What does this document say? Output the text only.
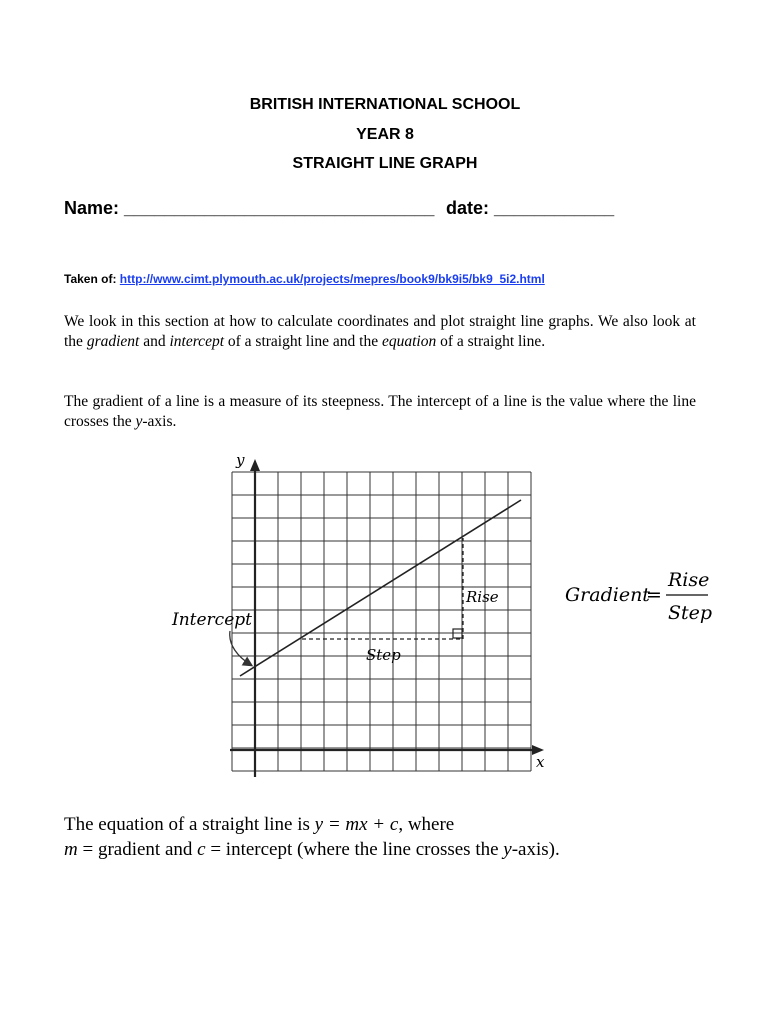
BRITISH INTERNATIONAL SCHOOL
YEAR 8
STRAIGHT LINE GRAPH
Name: _______________________________ date: ____________
Taken of: http://www.cimt.plymouth.ac.uk/projects/mepres/book9/bk9i5/bk9_5i2.html
We look in this section at how to calculate coordinates and plot straight line graphs. We also look at the gradient and intercept of a straight line and the equation of a straight line.
The gradient of a line is a measure of its steepness. The intercept of a line is the value where the line crosses the y-axis.
y
x
Rise
Step
Intercept
Gradient
=
Rise
Step
The equation of a straight line is y = mx + c, where
m = gradient and c = intercept (where the line crosses the y-axis).
